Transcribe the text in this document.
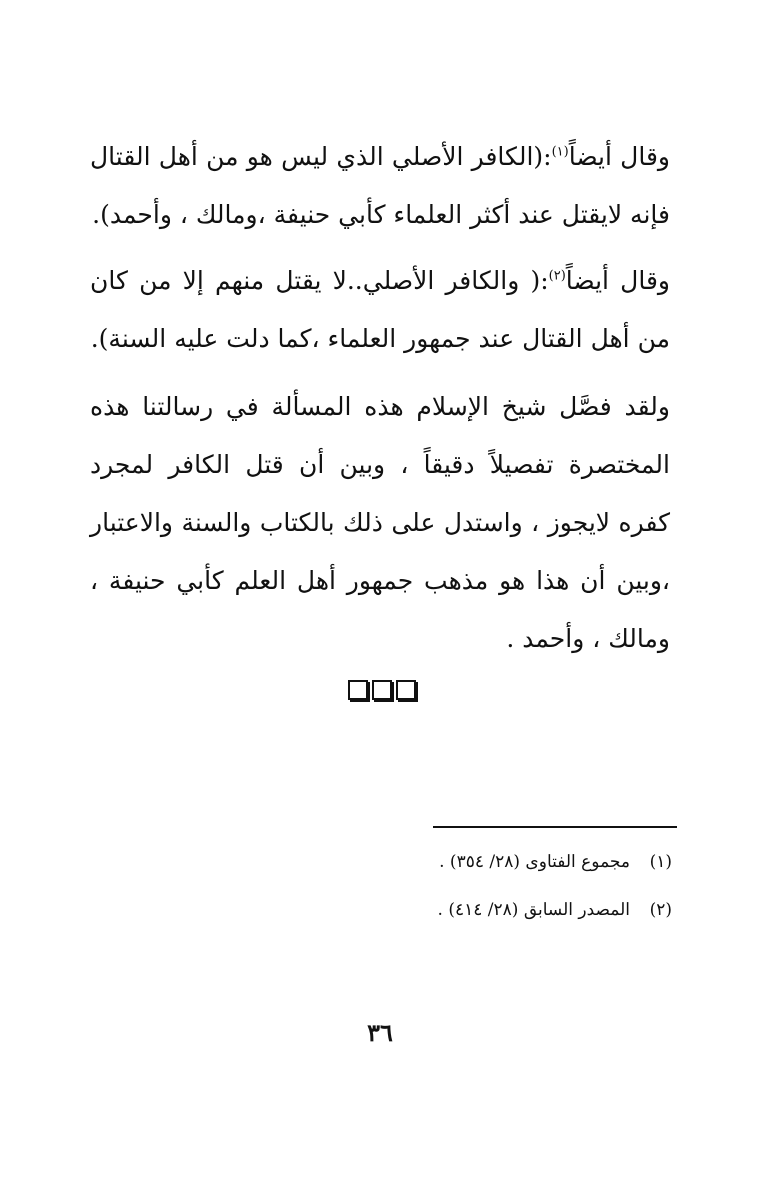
وقال أيضاً$^{(١)}$:(الكافر الأصلي الذي ليس هو من أهل القتال فإنه لايقتل عند أكثر العلماء كأبي حنيفة ،ومالك ، وأحمد).

وقال أيضاً$^{(٢)}$:( والكافر الأصلي..لا يقتل منهم إلا من كان من أهل القتال عند جمهور العلماء ،كما دلت عليه السنة).

ولقد فصَّل شيخ الإسلام هذه المسألة في رسالتنا هذه المختصرة تفصيلاً دقيقاً ، وبين أن قتل الكافر لمجرد كفره لايجوز ، واستدل على ذلك بالكتاب والسنة والاعتبار ،وبين أن هذا هو مذهب جمهور أهل العلم كأبي حنيفة ، ومالك ، وأحمد .

(١)مجموع الفتاوى (٢٨/ ٣٥٤) .
(٢)المصدر السابق (٢٨/ ٤١٤) .
٣٦
